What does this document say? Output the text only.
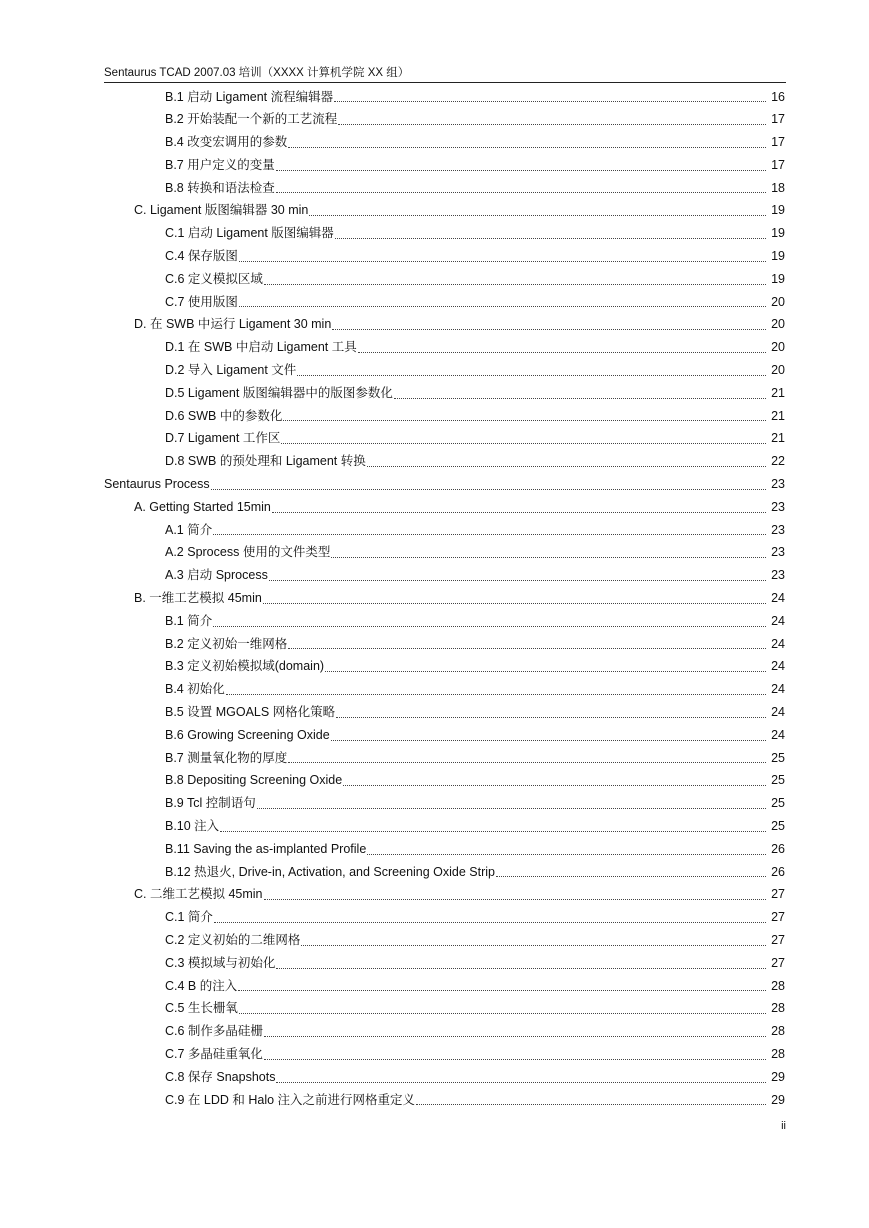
Sentaurus TCAD 2007.03 培训（XXXX 计算机学院 XX 组）
B.1 启动 Ligament 流程编辑器	16
B.2 开始装配一个新的工艺流程	17
B.4 改变宏调用的参数	17
B.7 用户定义的变量	17
B.8 转换和语法检查	18
C. Ligament 版图编辑器 30 min	19
C.1 启动 Ligament 版图编辑器	19
C.4 保存版图	19
C.6 定义模拟区域	19
C.7 使用版图	20
D. 在 SWB 中运行 Ligament 30 min	20
D.1 在 SWB 中启动 Ligament 工具	20
D.2 导入 Ligament 文件	20
D.5 Ligament 版图编辑器中的版图参数化	21
D.6 SWB 中的参数化	21
D.7 Ligament 工作区	21
D.8 SWB 的预处理和 Ligament 转换	22
Sentaurus Process	23
A. Getting Started 15min	23
A.1 简介	23
A.2 Sprocess 使用的文件类型	23
A.3 启动 Sprocess	23
B. 一维工艺模拟 45min	24
B.1 简介	24
B.2 定义初始一维网格	24
B.3 定义初始模拟域(domain)	24
B.4 初始化	24
B.5 设置 MGOALS 网格化策略	24
B.6 Growing Screening Oxide	24
B.7 测量氧化物的厚度	25
B.8 Depositing Screening Oxide	25
B.9 Tcl 控制语句	25
B.10 注入	25
B.11 Saving the as-implanted Profile	26
B.12 热退火, Drive-in, Activation, and Screening Oxide Strip	26
C. 二维工艺模拟 45min	27
C.1 简介	27
C.2 定义初始的二维网格	27
C.3 模拟域与初始化	27
C.4 B 的注入	28
C.5 生长栅氧	28
C.6 制作多晶硅栅	28
C.7 多晶硅重氧化	28
C.8 保存 Snapshots	29
C.9 在 LDD 和 Halo 注入之前进行网格重定义	29
ii
